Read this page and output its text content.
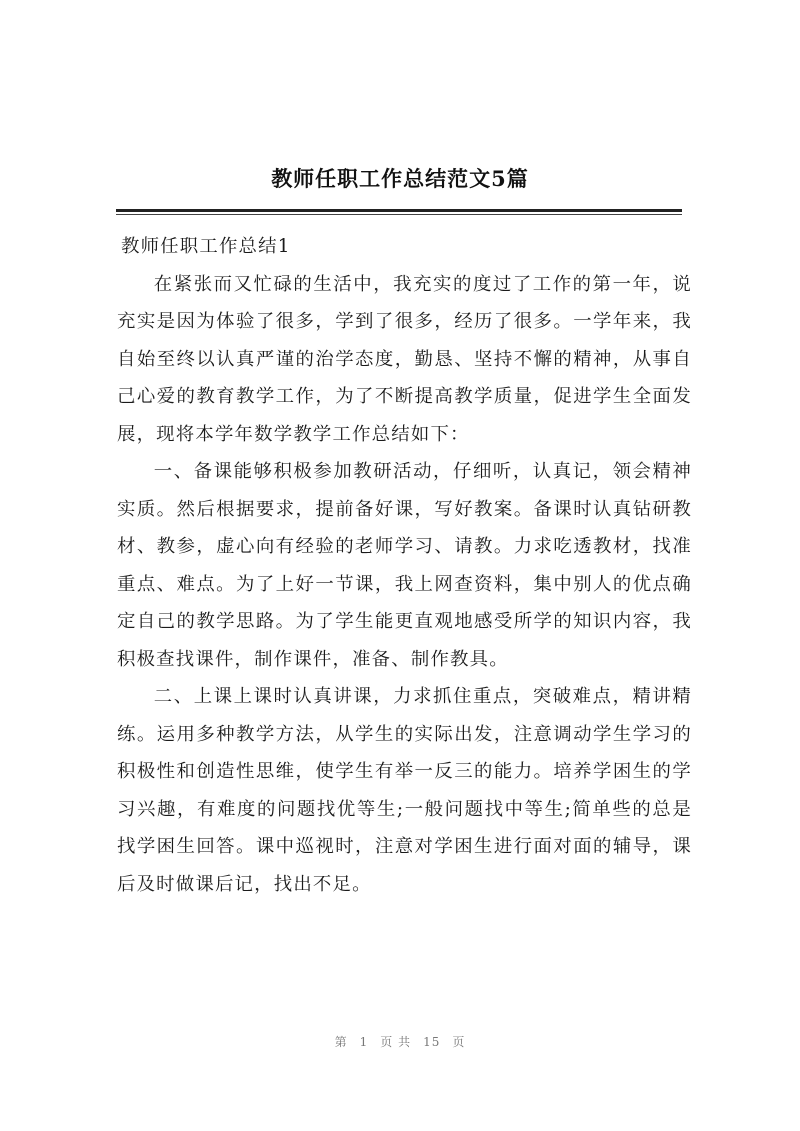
教师任职工作总结范文5篇

教师任职工作总结1

在紧张而又忙碌的生活中，我充实的度过了工作的第一年，说充实是因为体验了很多，学到了很多，经历了很多。一学年来，我自始至终以认真严谨的治学态度，勤恳、坚持不懈的精神，从事自己心爱的教育教学工作，为了不断提高教学质量，促进学生全面发展，现将本学年数学教学工作总结如下：

一、备课能够积极参加教研活动，仔细听，认真记，领会精神实质。然后根据要求，提前备好课，写好教案。备课时认真钻研教材、教参，虚心向有经验的老师学习、请教。力求吃透教材，找准重点、难点。为了上好一节课，我上网查资料，集中别人的优点确定自己的教学思路。为了学生能更直观地感受所学的知识内容，我积极查找课件，制作课件，准备、制作教具。

二、上课上课时认真讲课，力求抓住重点，突破难点，精讲精练。运用多种教学方法，从学生的实际出发，注意调动学生学习的积极性和创造性思维，使学生有举一反三的能力。培养学困生的学习兴趣，有难度的问题找优等生;一般问题找中等生;简单些的总是找学困生回答。课中巡视时，注意对学困生进行面对面的辅导，课后及时做课后记，找出不足。

第 1 页 共 15 页
